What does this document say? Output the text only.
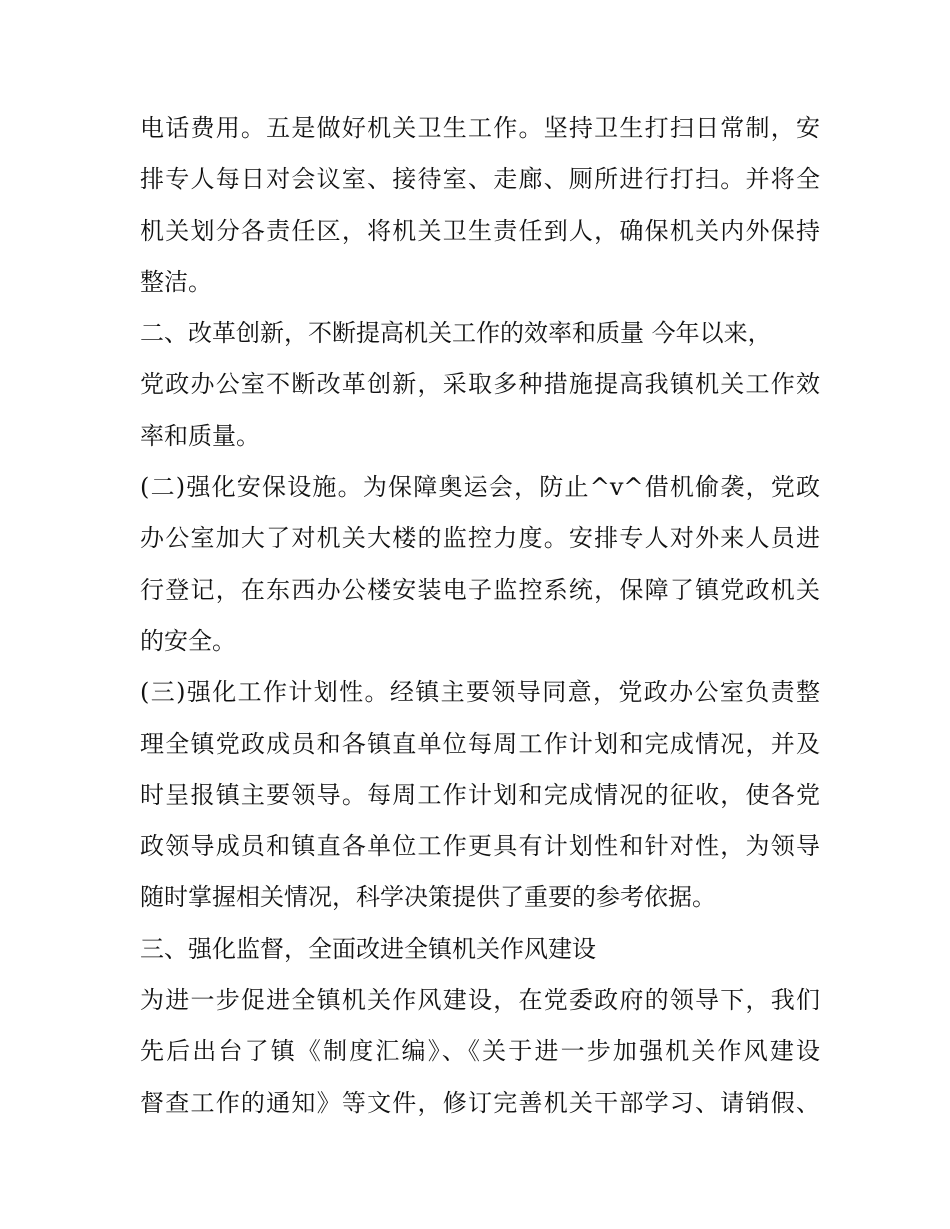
电话费用。五是做好机关卫生工作。坚持卫生打扫日常制，安
排专人每日对会议室、接待室、走廊、厕所进行打扫。并将全
机关划分各责任区，将机关卫生责任到人，确保机关内外保持
整洁。
二、改革创新，不断提高机关工作的效率和质量 今年以来，
党政办公室不断改革创新，采取多种措施提高我镇机关工作效
率和质量。
(二)强化安保设施。为保障奥运会，防止^v^借机偷袭，党政
办公室加大了对机关大楼的监控力度。安排专人对外来人员进
行登记，在东西办公楼安装电子监控系统，保障了镇党政机关
的安全。
(三)强化工作计划性。经镇主要领导同意，党政办公室负责整
理全镇党政成员和各镇直单位每周工作计划和完成情况，并及
时呈报镇主要领导。每周工作计划和完成情况的征收，使各党
政领导成员和镇直各单位工作更具有计划性和针对性，为领导
随时掌握相关情况，科学决策提供了重要的参考依据。
三、强化监督，全面改进全镇机关作风建设
为进一步促进全镇机关作风建设，在党委政府的领导下，我们
先后出台了镇《制度汇编》、《关于进一步加强机关作风建设
督查工作的通知》等文件，修订完善机关干部学习、请销假、
